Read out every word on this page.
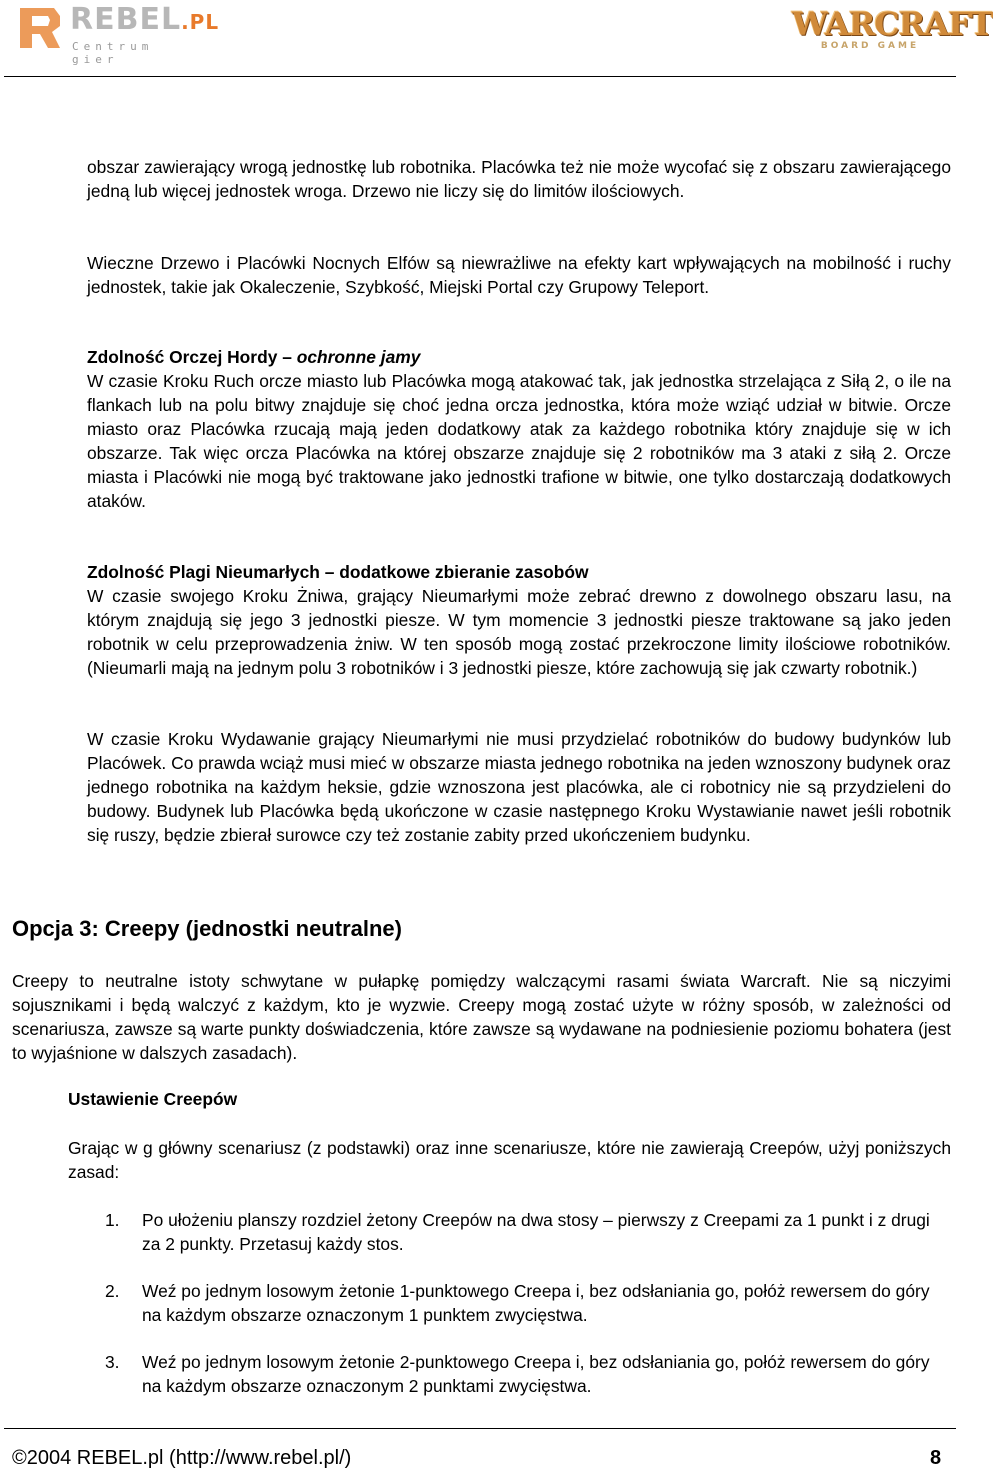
REBEL.PL
Centrum gier
WARCRAFT
BOARD GAME

obszar zawierający wrogą jednostkę lub robotnika. Placówka też nie może wycofać się z obszaru zawierającego jedną lub więcej jednostek wroga. Drzewo nie liczy się do limitów ilościowych.

Wieczne Drzewo i Placówki Nocnych Elfów są niewrażliwe na efekty kart wpływających na mobilność i ruchy jednostek, takie jak Okaleczenie, Szybkość, Miejski Portal czy Grupowy Teleport.

Zdolność Orczej Hordy – ochronne jamy

W czasie Kroku Ruch orcze miasto lub Placówka mogą atakować tak, jak jednostka strzelająca z Siłą 2, o ile na flankach lub na polu bitwy znajduje się choć jedna orcza jednostka, która może wziąć udział w bitwie. Orcze miasto oraz Placówka rzucają mają jeden dodatkowy atak za każdego robotnika który znajduje się w ich obszarze. Tak więc orcza Placówka na której obszarze znajduje się 2 robotników ma 3 ataki z siłą 2. Orcze miasta i Placówki nie mogą być traktowane jako jednostki trafione w bitwie, one tylko dostarczają dodatkowych ataków.

Zdolność Plagi Nieumarłych – dodatkowe zbieranie zasobów

W czasie swojego Kroku Żniwa, grający Nieumarłymi może zebrać drewno z dowolnego obszaru lasu, na którym znajdują się jego 3 jednostki piesze. W tym momencie 3 jednostki piesze traktowane są jako jeden robotnik w celu przeprowadzenia żniw. W ten sposób mogą zostać przekroczone limity ilościowe robotników. (Nieumarli mają na jednym polu 3 robotników i 3 jednostki piesze, które zachowują się jak czwarty robotnik.)

W czasie Kroku Wydawanie grający Nieumarłymi nie musi przydzielać robotników do budowy budynków lub Placówek. Co prawda wciąż musi mieć w obszarze miasta jednego robotnika na jeden wznoszony budynek oraz jednego robotnika na każdym heksie, gdzie wznoszona jest placówka, ale ci robotnicy nie są przydzieleni do budowy. Budynek lub Placówka będą ukończone w czasie następnego Kroku Wystawianie nawet jeśli robotnik się ruszy, będzie zbierał surowce czy też zostanie zabity przed ukończeniem budynku.

Opcja 3: Creepy (jednostki neutralne)

Creepy to neutralne istoty schwytane w pułapkę pomiędzy walczącymi rasami świata Warcraft. Nie są niczyimi sojusznikami i będą walczyć z każdym, kto je wyzwie. Creepy mogą zostać użyte w różny sposób, w zależności od scenariusza, zawsze są warte punkty doświadczenia, które zawsze są wydawane na podniesienie poziomu bohatera (jest to wyjaśnione w dalszych zasadach).

Ustawienie Creepów

Grając w g główny scenariusz (z podstawki) oraz inne scenariusze, które nie zawierają Creepów, użyj poniższych zasad:

1. Po ułożeniu planszy rozdziel żetony Creepów na dwa stosy – pierwszy z Creepami za 1 punkt i z drugi za 2 punkty. Przetasuj każdy stos.

2. Weź po jednym losowym żetonie 1-punktowego Creepa i, bez odsłaniania go, połóż rewersem do góry na każdym obszarze oznaczonym 1 punktem zwycięstwa.

3. Weź po jednym losowym żetonie 2-punktowego Creepa i, bez odsłaniania go, połóż rewersem do góry na każdym obszarze oznaczonym 2 punktami zwycięstwa.

©2004 REBEL.pl (http://www.rebel.pl/)	8
